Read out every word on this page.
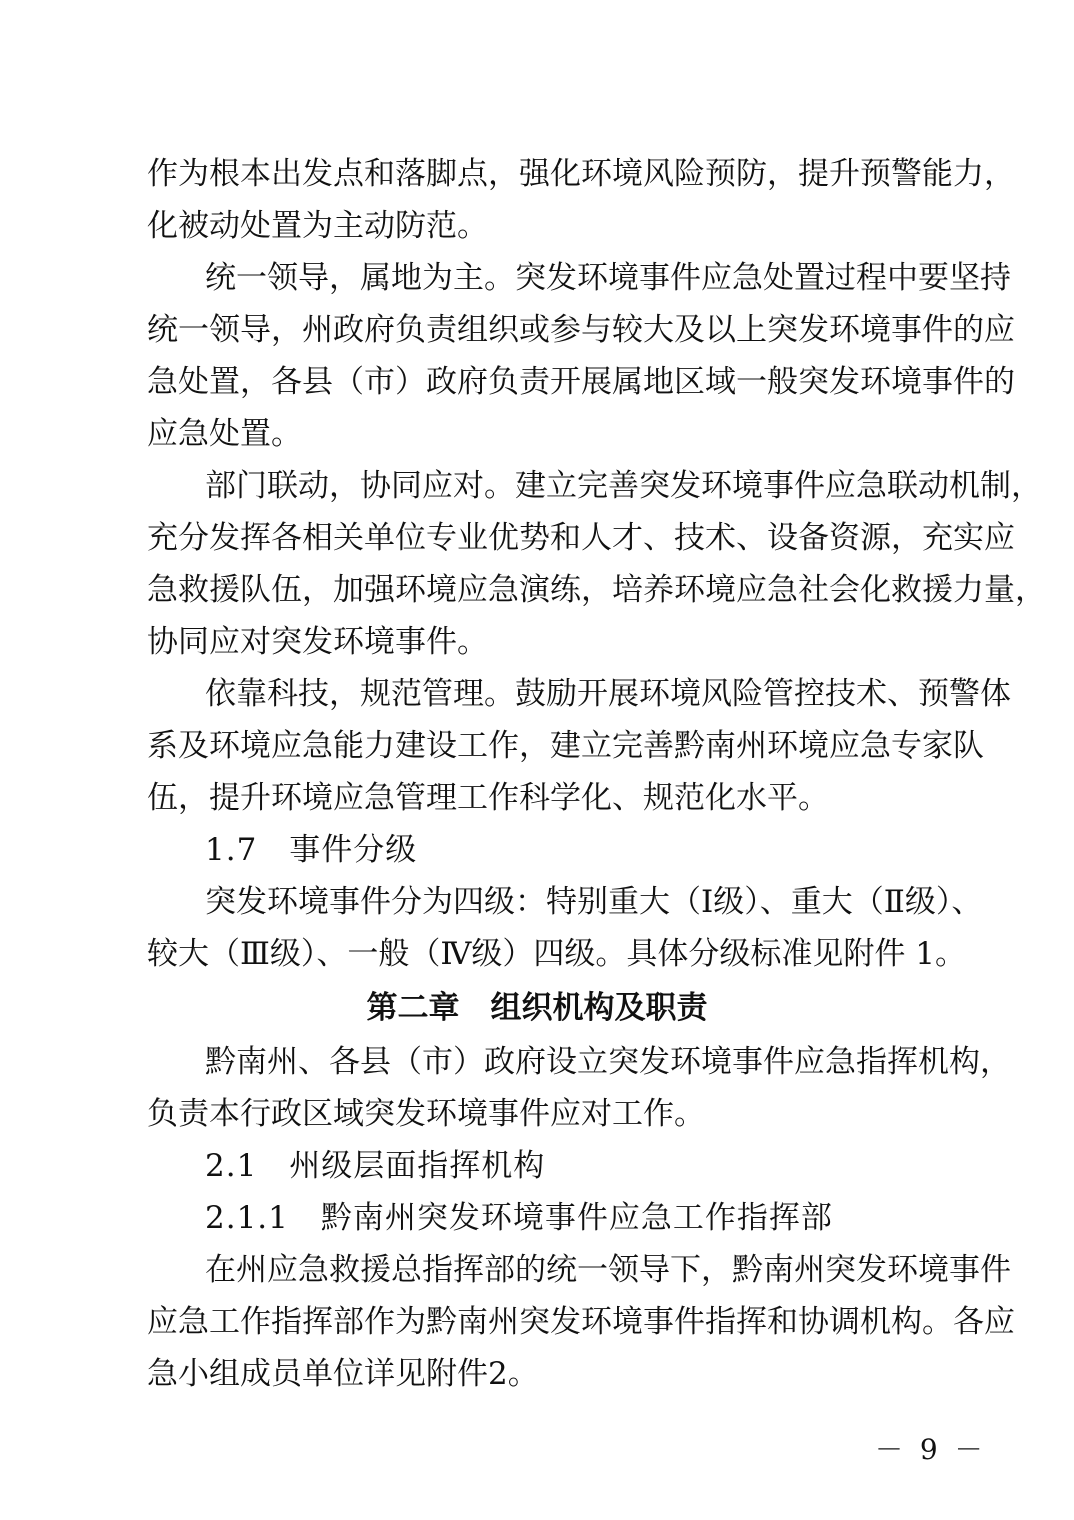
作为根本出发点和落脚点，强化环境风险预防，提升预警能力，
化被动处置为主动防范。
统一领导，属地为主。突发环境事件应急处置过程中要坚持
统一领导，州政府负责组织或参与较大及以上突发环境事件的应
急处置，各县（市）政府负责开展属地区域一般突发环境事件的
应急处置。
部门联动，协同应对。建立完善突发环境事件应急联动机制，
充分发挥各相关单位专业优势和人才、技术、设备资源，充实应
急救援队伍，加强环境应急演练，培养环境应急社会化救援力量，
协同应对突发环境事件。
依靠科技，规范管理。鼓励开展环境风险管控技术、预警体
系及环境应急能力建设工作，建立完善黔南州环境应急专家队
伍，提升环境应急管理工作科学化、规范化水平。
1.7　事件分级
突发环境事件分为四级：特别重大（Ⅰ级）、重大（Ⅱ级）、
较大（Ⅲ级）、一般（Ⅳ级）四级。具体分级标准见附件 1。
第二章　组织机构及职责
黔南州、各县（市）政府设立突发环境事件应急指挥机构，
负责本行政区域突发环境事件应对工作。
2.1　州级层面指挥机构
2.1.1　黔南州突发环境事件应急工作指挥部
在州应急救援总指挥部的统一领导下，黔南州突发环境事件
应急工作指挥部作为黔南州突发环境事件指挥和协调机构。各应
急小组成员单位详见附件2。
－ 9 －
